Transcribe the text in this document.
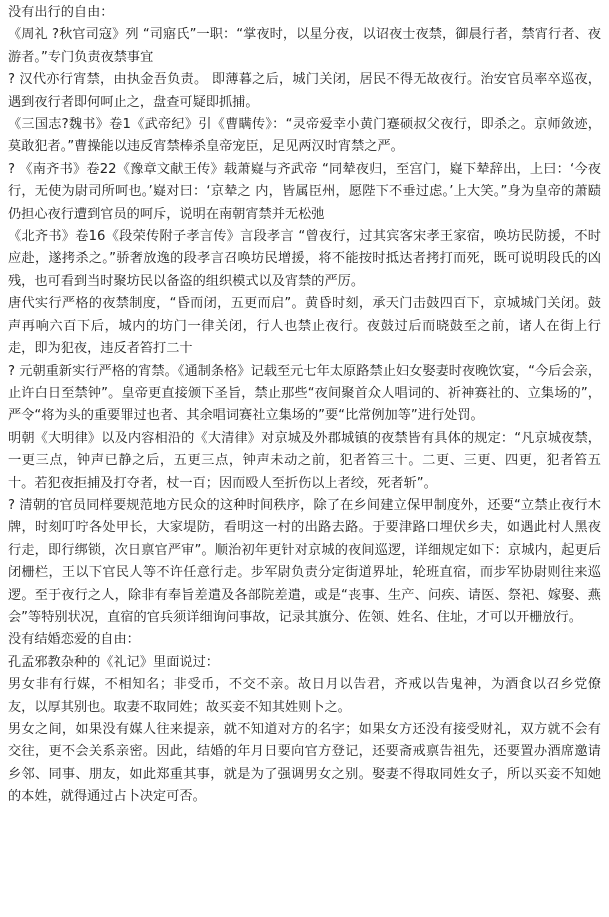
没有出行的自由：

《周礼 ?秋官司寇》列 “司寤氏”一职：“掌夜时，以星分夜，以诏夜士夜禁，御晨行者，禁宵行者、夜游者。”专门负责夜禁事宜

? 汉代亦行宵禁，由执金吾负责。 即薄暮之后，城门关闭，居民不得无故夜行。治安官员率卒巡夜，遇到夜行者即何呵止之，盘查可疑即抓捕。

《三国志?魏书》卷1《武帝纪》引《曹瞒传》：“灵帝爱幸小黄门蹇硕叔父夜行，即杀之。京师敛迹，莫敢犯者。”曹操能以违反宵禁棒杀皇帝宠臣，足见两汉时宵禁之严。

? 《南齐书》卷22《豫章文献王传》载萧嶷与齐武帝 “同辇夜归，至宫门，嶷下辇辞出，上曰：‘今夜行，无使为尉司所呵也。’嶷对曰：‘京辇之 内，皆属臣州，愿陛下不垂过虑。’上大笑。”身为皇帝的萧赜仍担心夜行遭到官员的呵斥，说明在南朝宵禁并无松弛

《北齐书》卷16《段荣传附子孝言传》言段孝言 “曾夜行，过其宾客宋孝王家宿，唤坊民防援，不时应赴，遂拷杀之。”骄奢放逸的段孝言召唤坊民增援，将不能按时抵达者拷打而死，既可说明段氏的凶残，也可看到当时聚坊民以备盗的组织模式以及宵禁的严厉。

唐代实行严格的夜禁制度，“昏而闭，五更而启”。黄昏时刻，承天门击鼓四百下，京城城门关闭。鼓声再响六百下后，城内的坊门一律关闭，行人也禁止夜行。夜鼓过后而晓鼓至之前，诸人在街上行走，即为犯夜，违反者笞打二十

? 元朝重新实行严格的宵禁。《通制条格》记载至元七年太原路禁止妇女娶妻时夜晚饮宴，“今后会亲，止许白日至禁钟”。皇帝更直接颁下圣旨，禁止那些“夜间聚首众人唱词的、祈神赛社的、立集场的”，严令“将为头的重要罪过也者、其余唱词赛社立集场的”要“比常例加等”进行处罚。

明朝《大明律》以及内容相沿的《大清律》对京城及外郡城镇的夜禁皆有具体的规定：“凡京城夜禁，一更三点，钟声已静之后，五更三点，钟声未动之前，犯者笞三十。二更、三更、四更，犯者笞五十。若犯夜拒捕及打夺者，杖一百；因而殴人至折伤以上者绞，死者斩”。

? 清朝的官员同样要规范地方民众的这种时间秩序，除了在乡间建立保甲制度外，还要“立禁止夜行木牌，时刻叮咛各处甲长，大家堤防，看明这一村的出路去路。于要津路口埋伏乡夫，如遇此村人黑夜行走，即行绑锁，次日禀官严审”。顺治初年更针对京城的夜间巡逻，详细规定如下：京城内，起更后闭栅栏，王以下官民人等不许任意行走。步军尉负责分定街道界址，轮班直宿，而步军协尉则往来巡逻。至于夜行之人，除非有奉旨差遣及各部院差遣，或是“丧事、生产、问疾、请医、祭祀、嫁娶、燕会”等特别状况，直宿的官兵须详细询问事故，记录其旗分、佐领、姓名、住址，才可以开栅放行。

没有结婚恋爱的自由：

孔孟邪教杂种的《礼记》里面说过：

男女非有行媒，不相知名；非受币，不交不亲。故日月以告君，齐戒以告鬼神，为酒食以召乡党僚友，以厚其别也。取妻不取同姓；故买妾不知其姓则卜之。

男女之间，如果没有媒人往来提亲，就不知道对方的名字；如果女方还没有接受财礼，双方就不会有交往，更不会关系亲密。因此，结婚的年月日要向官方登记，还要斋戒禀告祖先，还要置办酒席邀请乡邻、同事、朋友，如此郑重其事，就是为了强调男女之别。娶妻不得取同姓女子，所以买妾不知她的本姓，就得通过占卜决定可否。
